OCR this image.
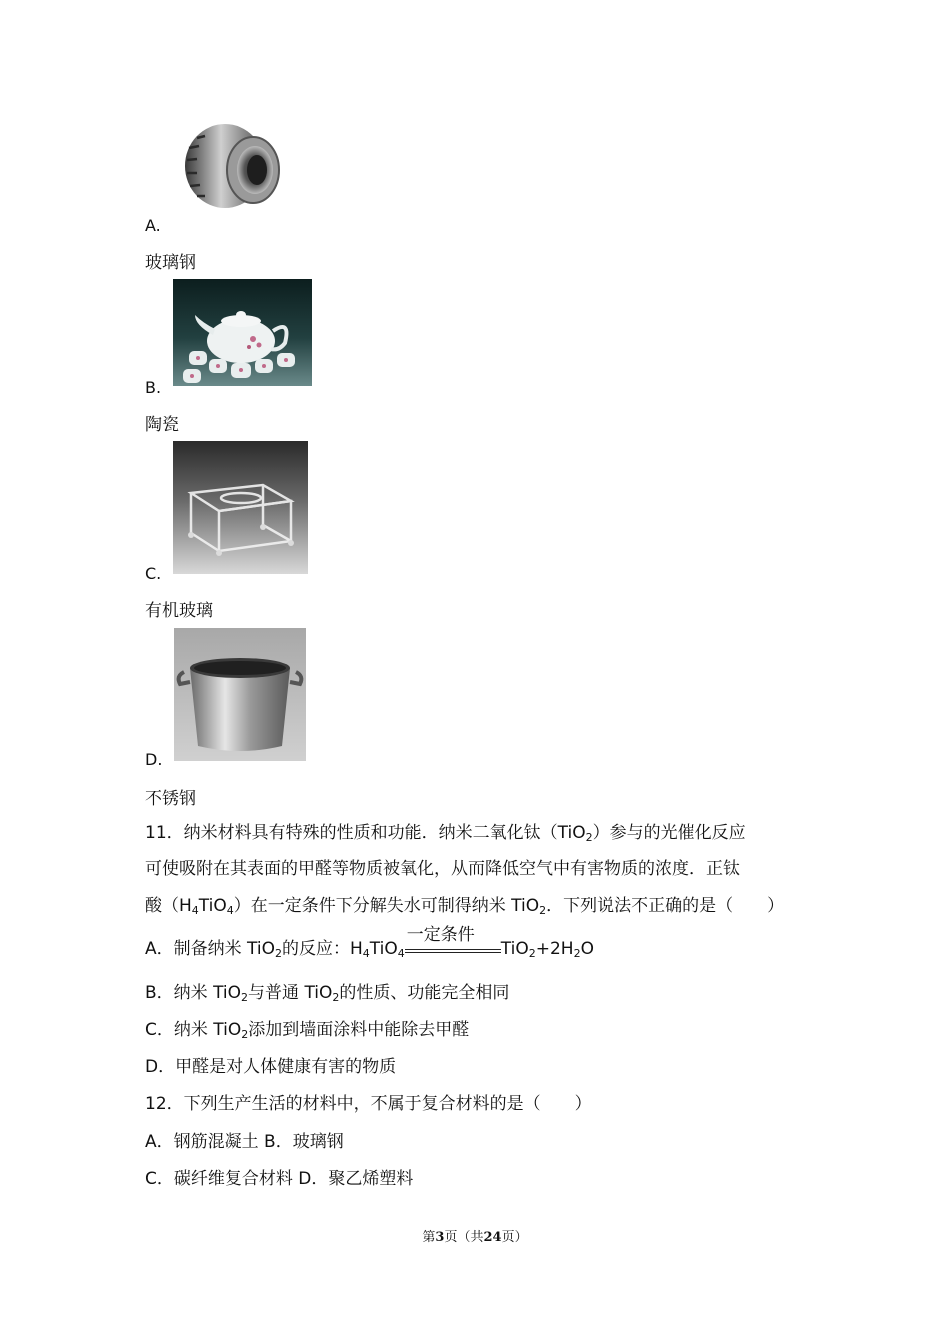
A.
玻璃钢
B.
陶瓷
C.
有机玻璃
D.
不锈钢
11．纳米材料具有特殊的性质和功能．纳米二氧化钛（TiO$_2$）参与的光催化反应
可使吸附在其表面的甲醛等物质被氧化，从而降低空气中有害物质的浓度．正钛
酸$(H_4TiO_4)$在一定条件下分解失水可制得纳米 TiO$_2$．下列说法不正确的是（　　）
A．制备纳米 TiO$_2$的反应：$H_4TiO_4$
一定条件
$TiO_2+2H_2O$
B．纳米 TiO$_2$与普通 TiO$_2$的性质、功能完全相同
C．纳米 TiO$_2$添加到墙面涂料中能除去甲醛
D．甲醛是对人体健康有害的物质
12．下列生产生活的材料中，不属于复合材料的是（　　）
A．钢筋混凝土 B．玻璃钢
C．碳纤维复合材料 D．聚乙烯塑料
第3页（共24页）
